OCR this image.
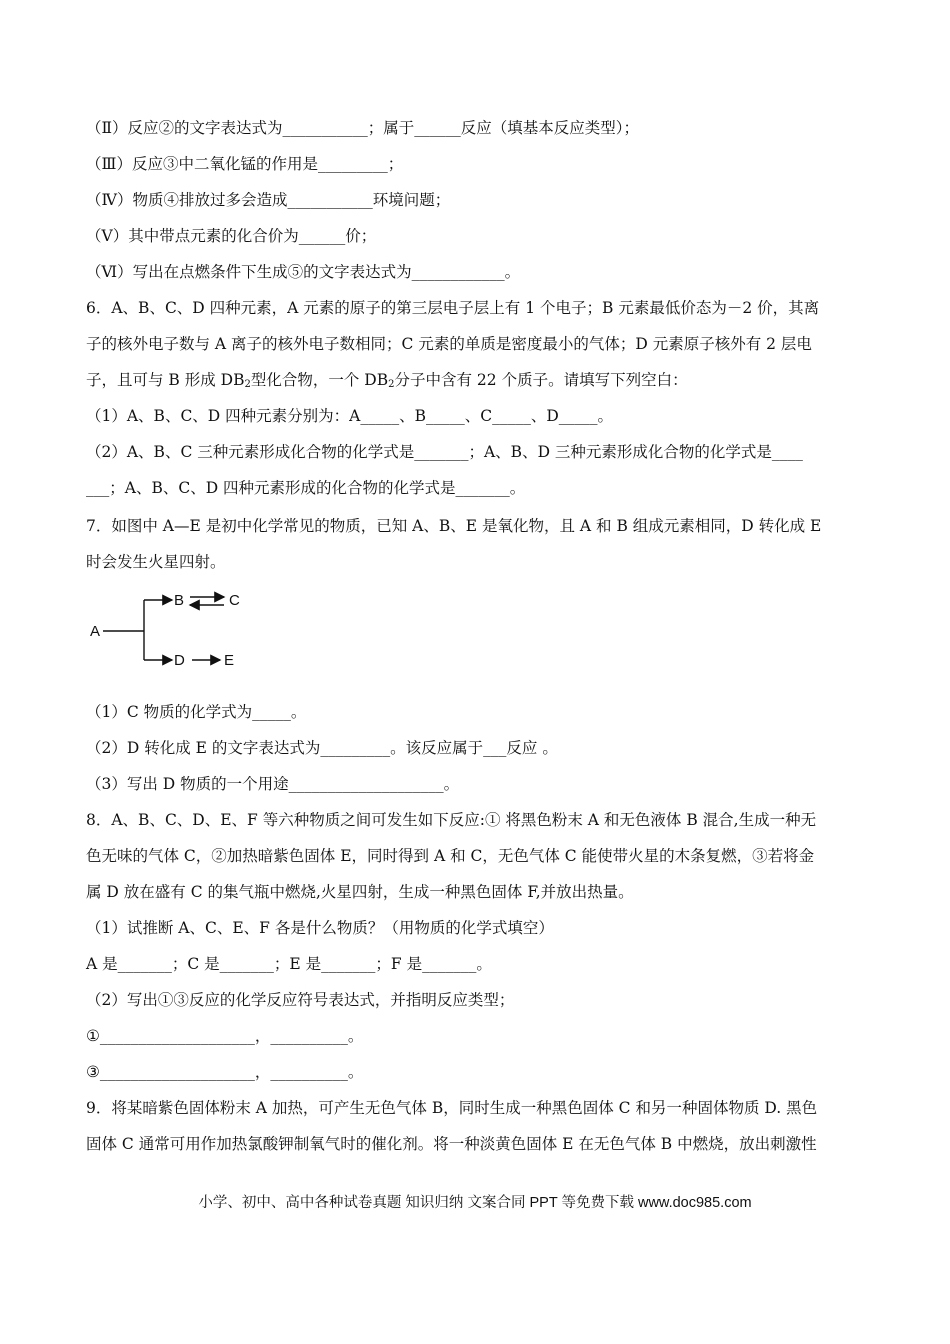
（Ⅱ）反应②的文字表达式为___________；属于______反应（填基本反应类型）；
（Ⅲ）反应③中二氧化锰的作用是_________；
（Ⅳ）物质④排放过多会造成___________环境问题；
（Ⅴ）其中带点元素的化合价为______价；
（Ⅵ）写出在点燃条件下生成⑤的文字表达式为____________。
6．A、B、C、D 四种元素，A 元素的原子的第三层电子层上有 1 个电子；B 元素最低价态为－2 价，其离
子的核外电子数与 A 离子的核外电子数相同；C 元素的单质是密度最小的气体；D 元素原子核外有 2 层电
子，且可与 B 形成 $DB_2$型化合物，一个 $DB_2$分子中含有 22 个质子。请填写下列空白：
（1）A、B、C、D 四种元素分别为：A_____、B_____、C_____、D_____。
（2）A、B、C 三种元素形成化合物的化学式是_______；A、B、D 三种元素形成化合物的化学式是____
___；A、B、C、D 四种元素形成的化合物的化学式是_______。
7．如图中 A—E 是初中化学常见的物质，已知 A、B、E 是氧化物，且 A 和 B 组成元素相同，D 转化成 E
时会发生火星四射。
A
B	C
D	E
（1）C 物质的化学式为_____。
（2）D 转化成 E 的文字表达式为_________。该反应属于___反应 。
（3）写出 D 物质的一个用途____________________。
8．A、B、C、D、E、F 等六种物质之间可发生如下反应:① 将黑色粉末 A 和无色液体 B 混合,生成一种无
色无味的气体 C，②加热暗紫色固体 E，同时得到 A 和 C，无色气体 C 能使带火星的木条复燃，③若将金
属 D 放在盛有 C 的集气瓶中燃烧,火星四射，生成一种黑色固体 F,并放出热量。
（1）试推断 A、C、E、F 各是什么物质？（用物质的化学式填空）
A 是_______；C 是_______；E 是_______；F 是_______。
（2）写出①③反应的化学反应符号表达式，并指明反应类型；
①____________________，__________。
③____________________，__________。
9．将某暗紫色固体粉末 A 加热，可产生无色气体 B，同时生成一种黑色固体 C 和另一种固体物质 D. 黑色
固体 C 通常可用作加热氯酸钾制氧气时的催化剂。将一种淡黄色固体 E 在无色气体 B 中燃烧，放出刺激性
小学、初中、高中各种试卷真题 知识归纳 文案合同 PPT 等免费下载 www.doc985.com
